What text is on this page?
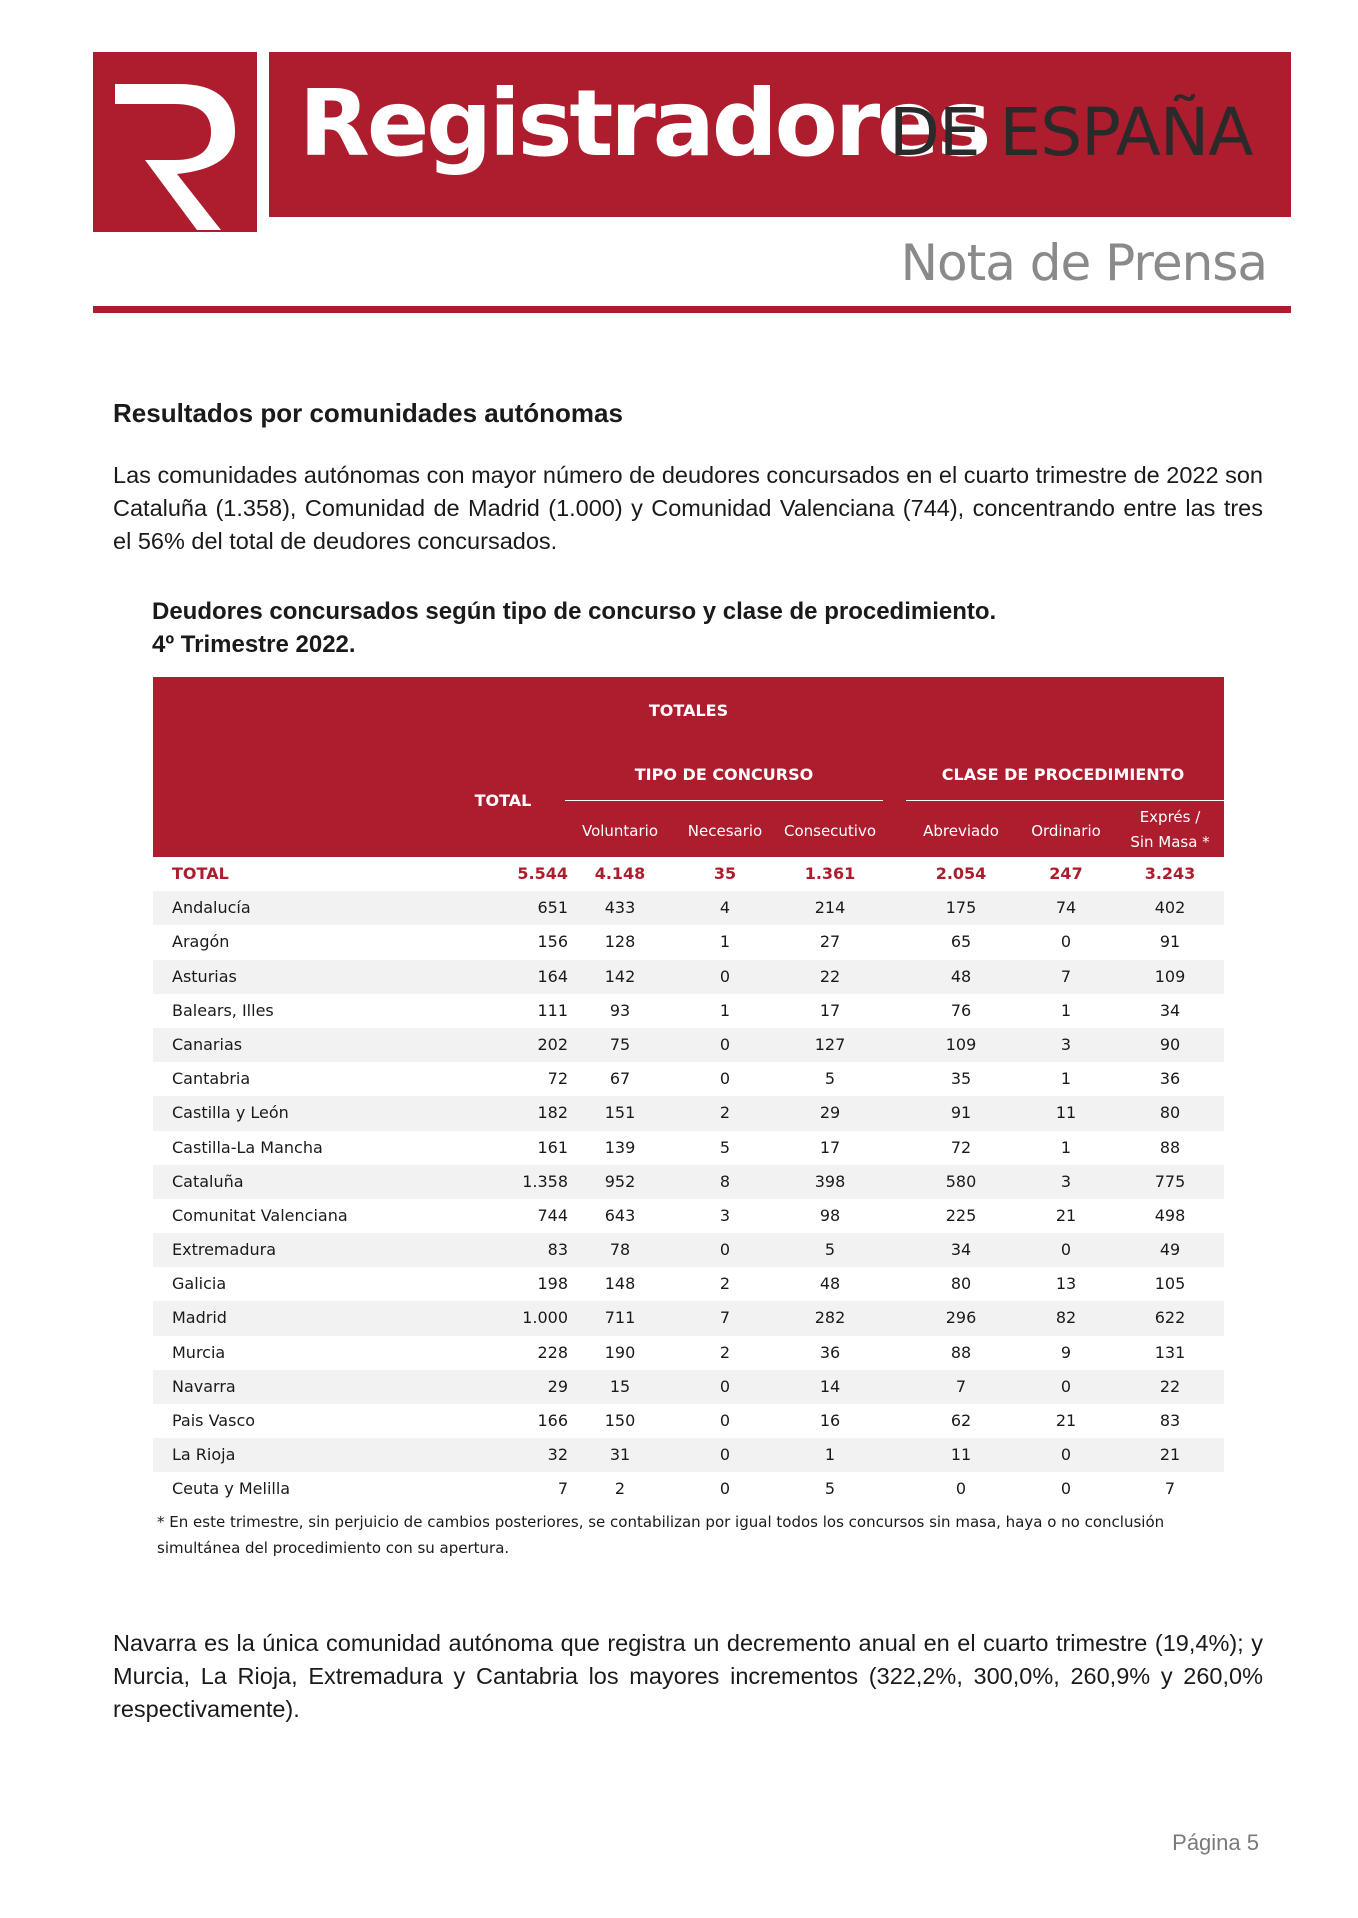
Registradores
DE ESPAÑA
Nota de Prensa
Resultados por comunidades autónomas

Las comunidades autónomas con mayor número de deudores concursados en el cuarto trimestre de 2022 son Cataluña (1.358), Comunidad de Madrid (1.000) y Comunidad Valenciana (744), concentrando entre las tres el 56% del total de deudores concursados.

Deudores concursados según tipo de concurso y clase de procedimiento.
4º Trimestre 2022.
TOTALES
TOTAL
TIPO DE CONCURSO	CLASE DE PROCEDIMIENTO
Voluntario	Necesario	Consecutivo	Abreviado	Ordinario
Exprés /
Sin Masa *
TOTAL	5.544	4.148	35	1.361	2.054	247	3.243
Andalucía	651	433	4	214	175	74	402
Aragón	156	128	1	27	65	0	91
Asturias	164	142	0	22	48	7	109
Balears, Illes	111	93	1	17	76	1	34
Canarias	202	75	0	127	109	3	90
Cantabria	72	67	0	5	35	1	36
Castilla y León	182	151	2	29	91	11	80
Castilla-La Mancha	161	139	5	17	72	1	88
Cataluña	1.358	952	8	398	580	3	775
Comunitat Valenciana	744	643	3	98	225	21	498
Extremadura	83	78	0	5	34	0	49
Galicia	198	148	2	48	80	13	105
Madrid	1.000	711	7	282	296	82	622
Murcia	228	190	2	36	88	9	131
Navarra	29	15	0	14	7	0	22
Pais Vasco	166	150	0	16	62	21	83
La Rioja	32	31	0	1	11	0	21
Ceuta y Melilla	7	2	0	5	0	0	7

* En este trimestre, sin perjuicio de cambios posteriores, se contabilizan por igual todos los concursos sin masa, haya o no conclusión simultánea del procedimiento con su apertura.

Navarra es la única comunidad autónoma que registra un decremento anual en el cuarto trimestre (19,4%); y Murcia, La Rioja, Extremadura y Cantabria los mayores incrementos (322,2%, 300,0%, 260,9% y 260,0% respectivamente).

Página 5
